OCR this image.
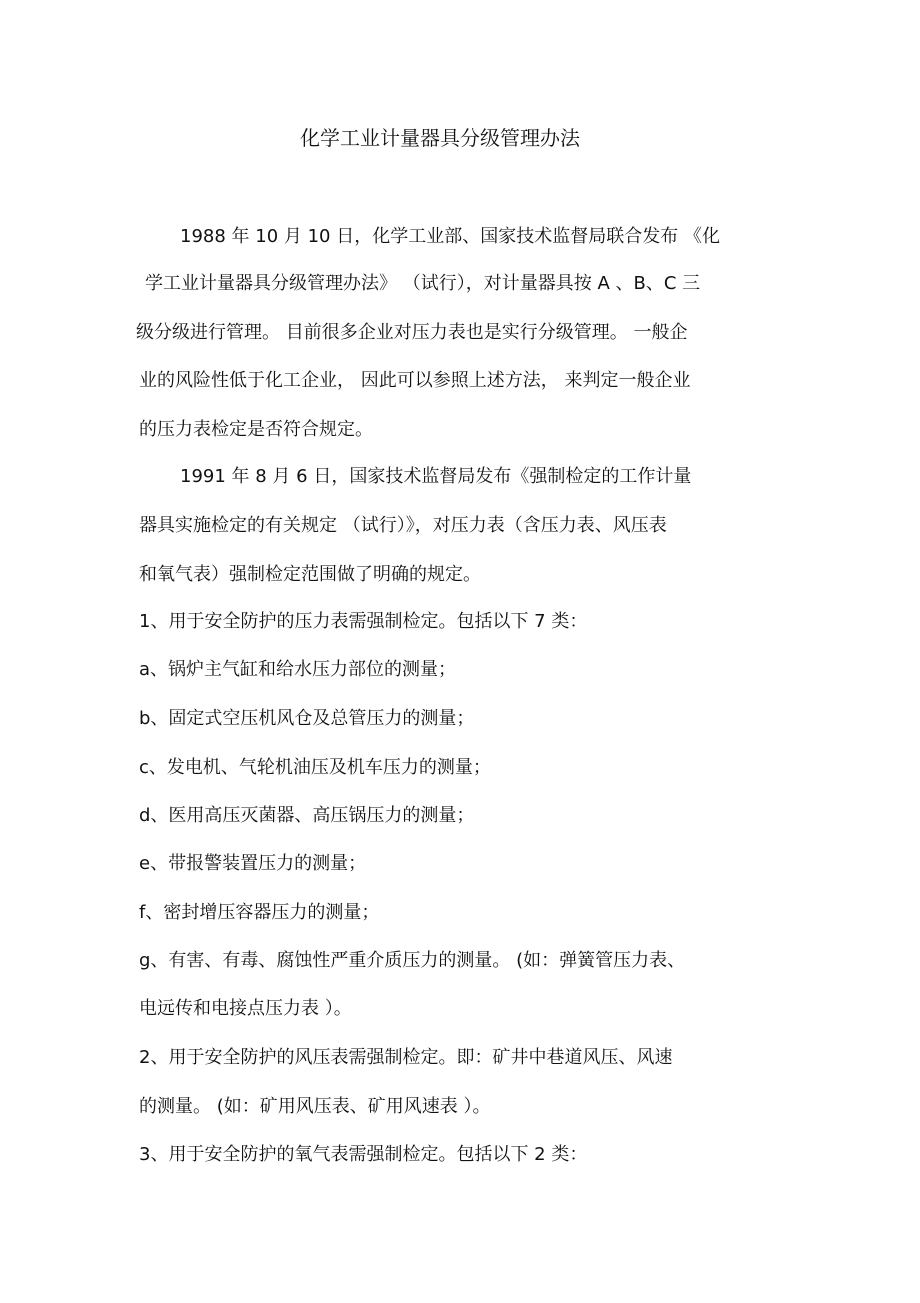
化学工业计量器具分级管理办法
1988 年 10 月 10 日，化学工业部、国家技术监督局联合发布 《化
学工业计量器具分级管理办法》 （试行），对计量器具按 A 、B、C 三
级分级进行管理。 目前很多企业对压力表也是实行分级管理。 一般企
业的风险性低于化工企业， 因此可以参照上述方法， 来判定一般企业
的压力表检定是否符合规定。
1991 年 8 月 6 日，国家技术监督局发布《强制检定的工作计量
器具实施检定的有关规定 （试行）》，对压力表（含压力表、风压表
和氧气表）强制检定范围做了明确的规定。
1、用于安全防护的压力表需强制检定。包括以下 7 类：
a、锅炉主气缸和给水压力部位的测量；
b、固定式空压机风仓及总管压力的测量；
c、发电机、气轮机油压及机车压力的测量；
d、医用高压灭菌器、高压锅压力的测量；
e、带报警装置压力的测量；
f、密封增压容器压力的测量；
g、有害、有毒、腐蚀性严重介质压力的测量。 (如：弹簧管压力表、
电远传和电接点压力表 ）。
2、用于安全防护的风压表需强制检定。即：矿井中巷道风压、风速
的测量。 (如：矿用风压表、矿用风速表 ）。
3、用于安全防护的氧气表需强制检定。包括以下 2 类：
